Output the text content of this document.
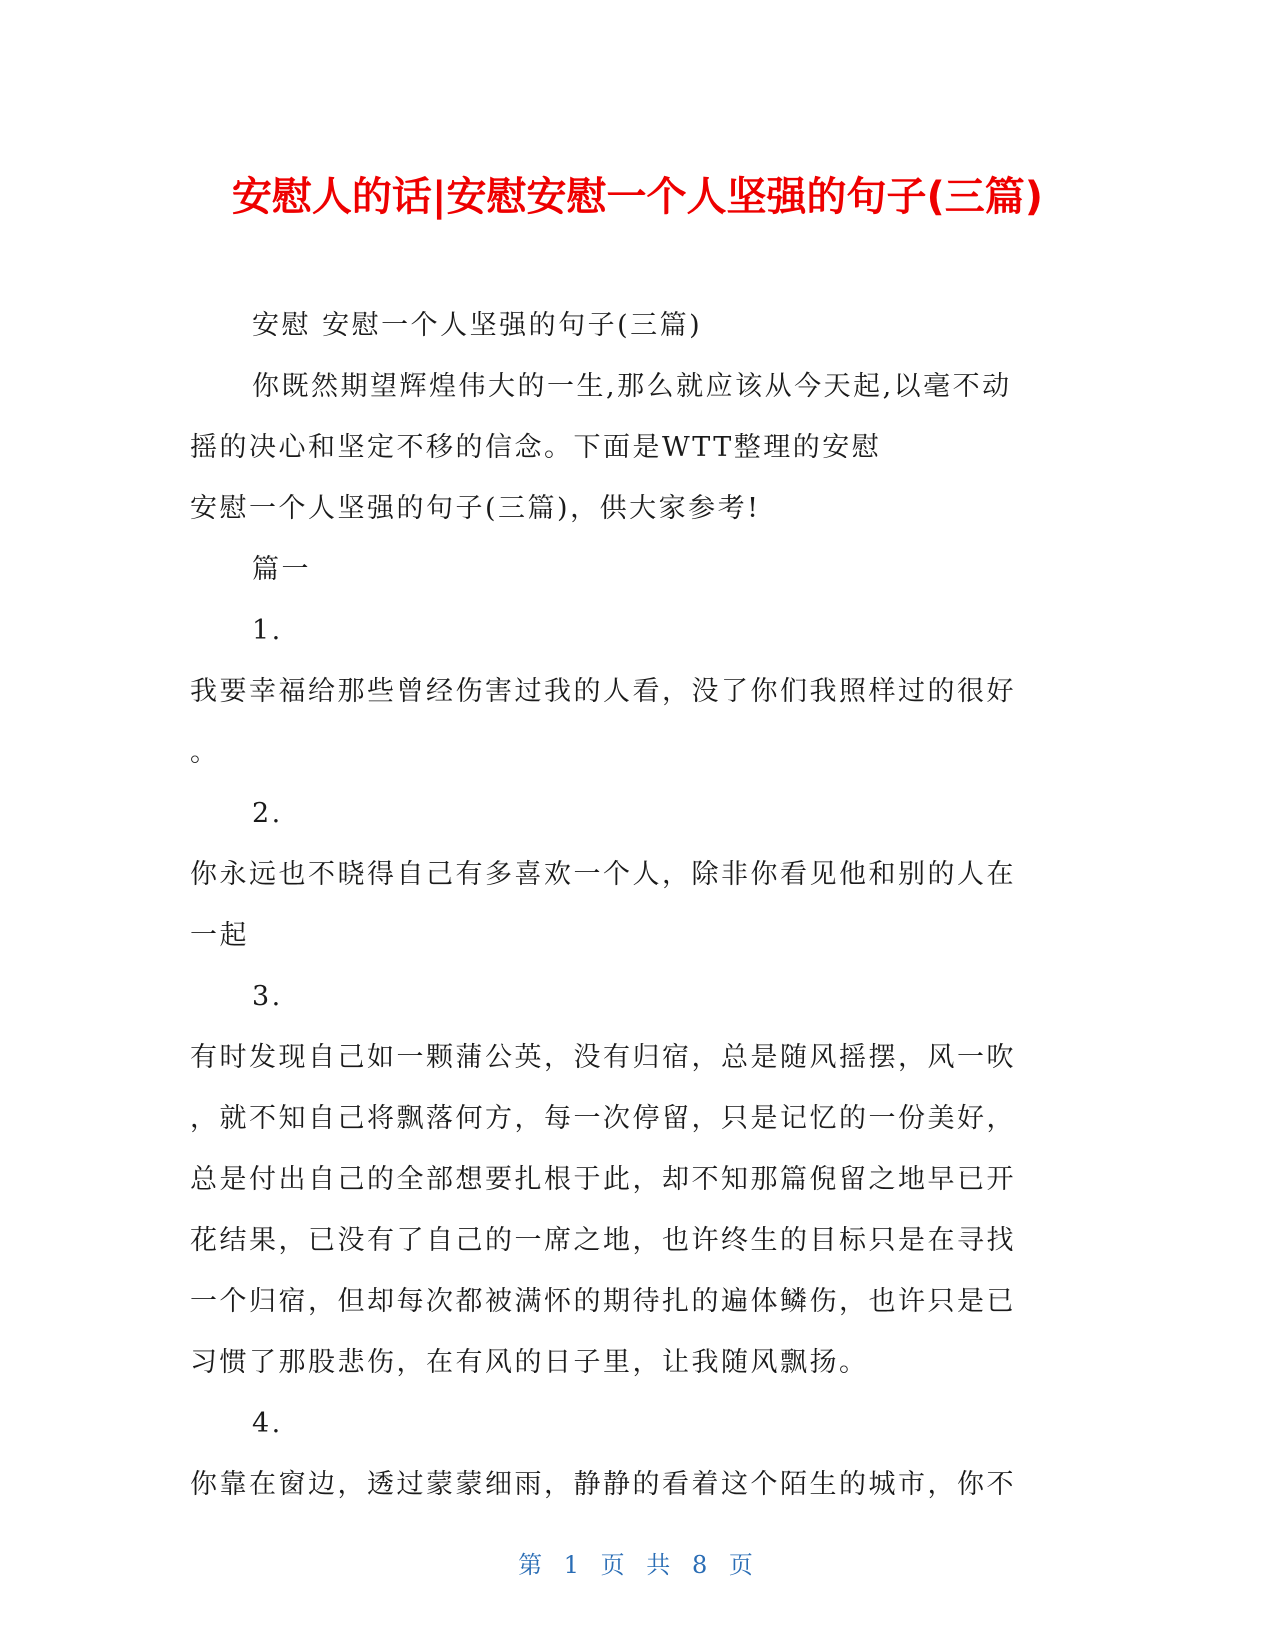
安慰人的话|安慰安慰一个人坚强的句子(三篇)
安慰 安慰一个人坚强的句子(三篇)
你既然期望辉煌伟大的一生,那么就应该从今天起,以毫不动
摇的决心和坚定不移的信念。下面是WTT整理的安慰
安慰一个人坚强的句子(三篇)，供大家参考!
篇一
1.
我要幸福给那些曾经伤害过我的人看，没了你们我照样过的很好
。
2.
你永远也不晓得自己有多喜欢一个人，除非你看见他和别的人在
一起
3.
有时发现自己如一颗蒲公英，没有归宿，总是随风摇摆，风一吹
，就不知自己将飘落何方，每一次停留，只是记忆的一份美好，
总是付出自己的全部想要扎根于此，却不知那篇倪留之地早已开
花结果，已没有了自己的一席之地，也许终生的目标只是在寻找
一个归宿，但却每次都被满怀的期待扎的遍体鳞伤，也许只是已
习惯了那股悲伤，在有风的日子里，让我随风飘扬。
4.
你靠在窗边，透过蒙蒙细雨，静静的看着这个陌生的城市，你不
第 1 页 共 8 页
